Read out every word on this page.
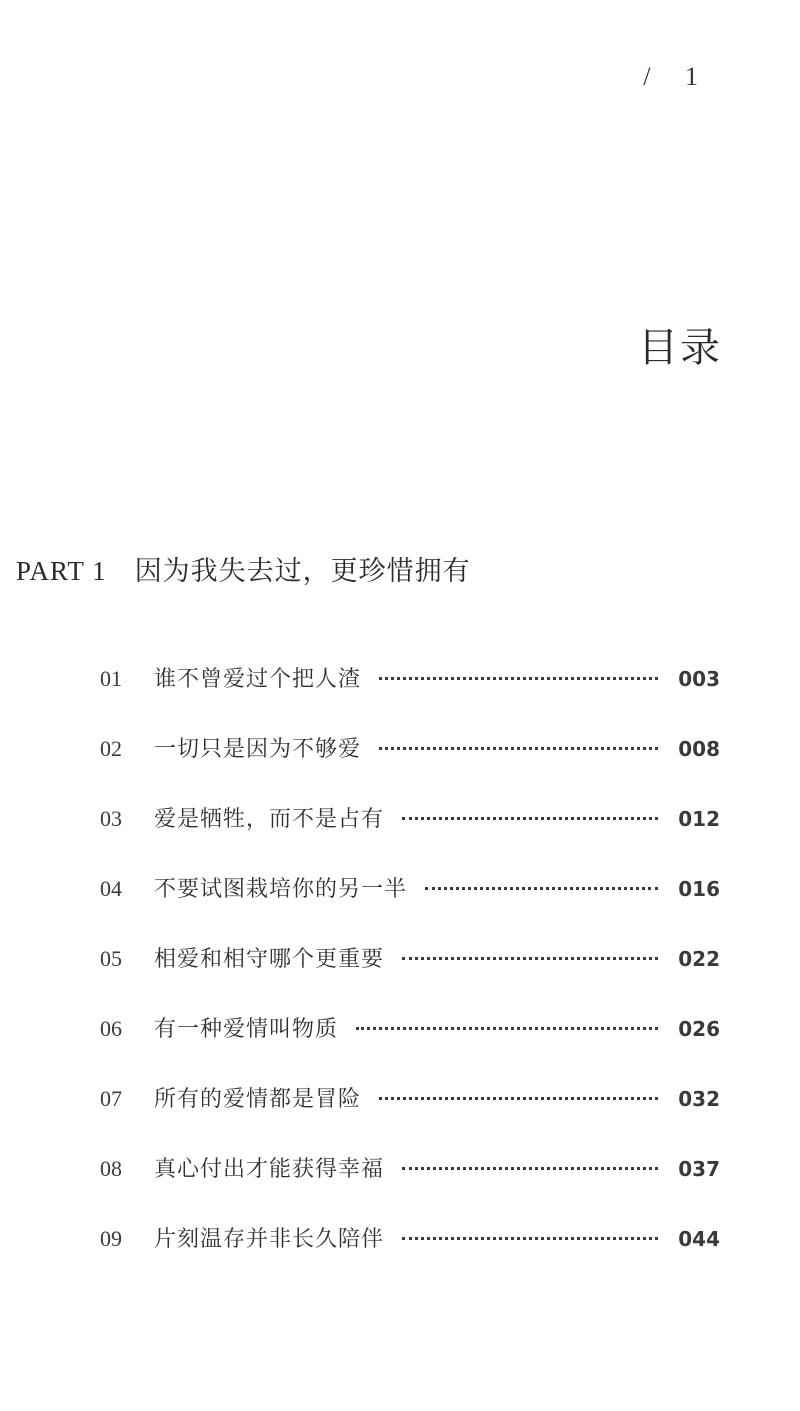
/ 1
目录
PART 1 因为我失去过，更珍惜拥有
01	谁不曾爱过个把人渣	003
02	一切只是因为不够爱	008
03	爱是牺牲，而不是占有	012
04	不要试图栽培你的另一半	016
05	相爱和相守哪个更重要	022
06	有一种爱情叫物质	026
07	所有的爱情都是冒险	032
08	真心付出才能获得幸福	037
09	片刻温存并非长久陪伴	044
